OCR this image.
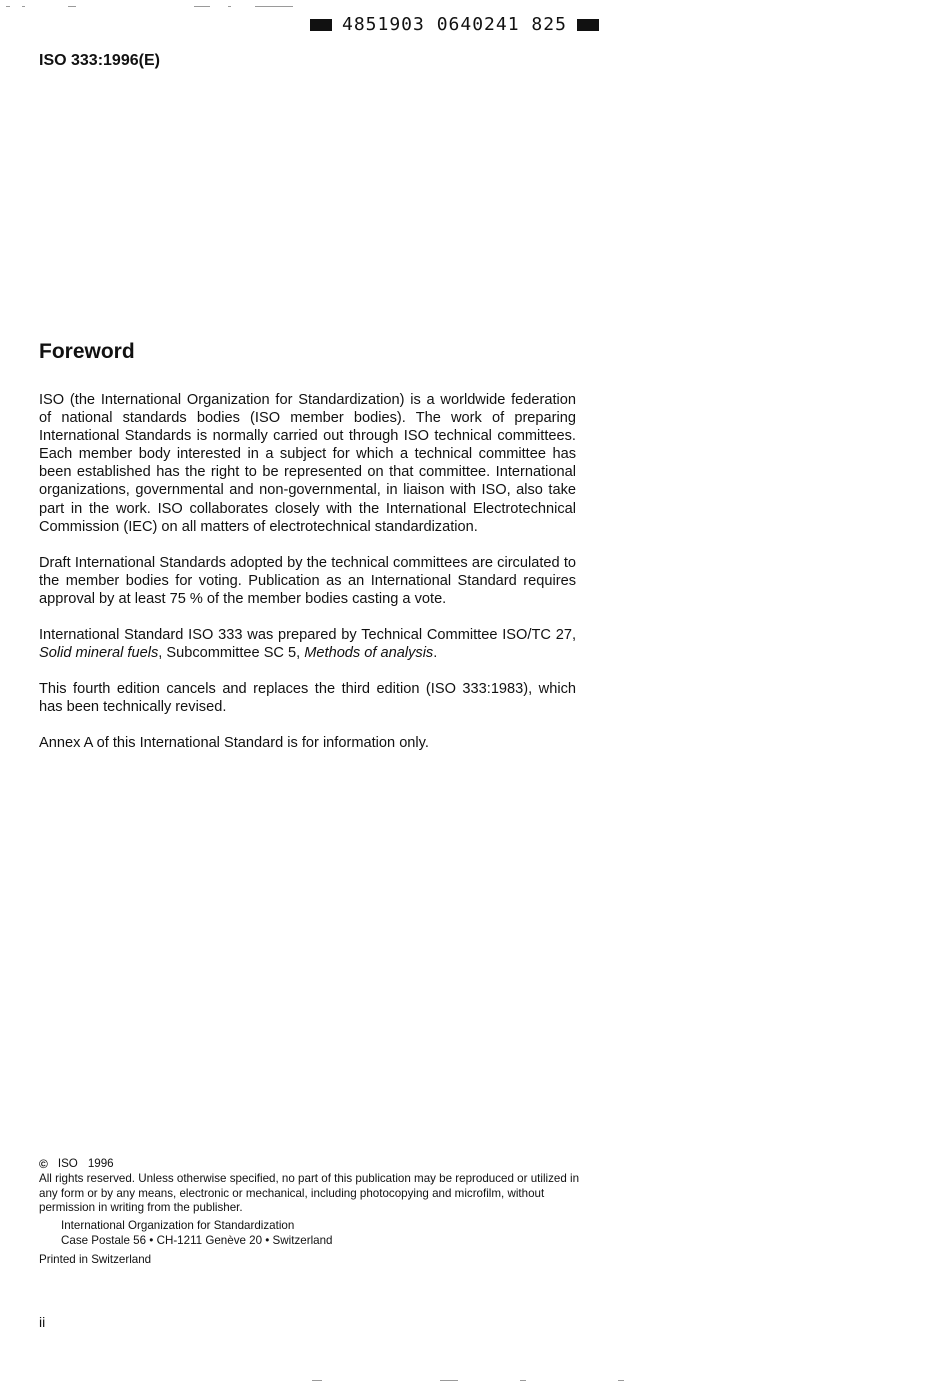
4851903 0640241 825
ISO 333:1996(E)
Foreword

ISO (the International Organization for Standardization) is a worldwide federation of national standards bodies (ISO member bodies). The work of preparing International Standards is normally carried out through ISO technical committees. Each member body interested in a subject for which a technical committee has been established has the right to be represented on that committee. International organizations, governmental and non-governmental, in liaison with ISO, also take part in the work. ISO collaborates closely with the International Electrotechnical Commission (IEC) on all matters of electrotechnical standardization.

Draft International Standards adopted by the technical committees are circulated to the member bodies for voting. Publication as an International Standard requires approval by at least 75 % of the member bodies casting a vote.

International Standard ISO 333 was prepared by Technical Committee ISO/TC 27, Solid mineral fuels, Subcommittee SC 5, Methods of analysis.

This fourth edition cancels and replaces the third edition (ISO 333:1983), which has been technically revised.

Annex A of this International Standard is for information only.

© ISO 1996

All rights reserved. Unless otherwise specified, no part of this publication may be reproduced or utilized in any form or by any means, electronic or mechanical, including photocopying and microfilm, without permission in writing from the publisher.

International Organization for Standardization

Case Postale 56 • CH-1211 Genève 20 • Switzerland

Printed in Switzerland

ii
